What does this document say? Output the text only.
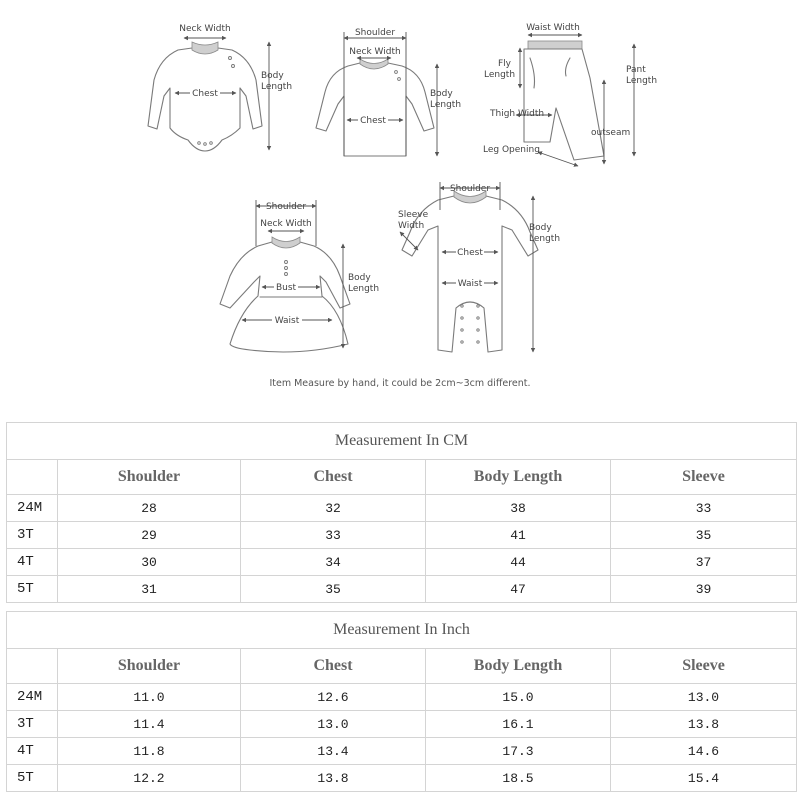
Neck Width
Chest
Body
Length
Shoulder
Neck Width
Chest
Body
Length
Waist Width
Fly
Length	Pant
Length
Thigh Width
outseam
Leg Opening
Shoulder
Neck Width
Bust
Waist
Body
Length
Shoulder
Sleeve
Width
Chest
Waist
Body
Length
Item Measure by hand, it could be 2cm~3cm different.
Measurement In CM				
	Shoulder	Chest	Body Length	Sleeve
24M	28	32	38	33
3T	29	33	41	35
4T	30	34	44	37
5T	31	35	47	39
Measurement In Inch				
	Shoulder	Chest	Body Length	Sleeve
24M	11.0	12.6	15.0	13.0
3T	11.4	13.0	16.1	13.8
4T	11.8	13.4	17.3	14.6
5T	12.2	13.8	18.5	15.4
